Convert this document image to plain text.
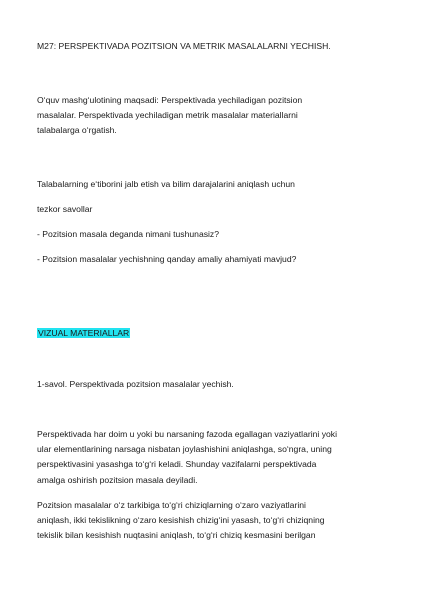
M27: PERSPEKTIVADA POZITSION VA METRIK MASALALARNI YECHISH.
O‘quv mashg‘ulotining maqsadi: Perspektivada yechiladigan pozitsion
masalalar. Perspektivada yechiladigan metrik masalalar materiallarni
talabalarga o‘rgatish.
Talabalarning e‘tiborini jalb etish va bilim darajalarini aniqlash uchun
tezkor savollar
- Pozitsion masala deganda nimani tushunasiz?
- Pozitsion masalalar yechishning qanday amaliy ahamiyati mavjud?
VIZUAL MATERIALLAR
1-savol. Perspektivada pozitsion masalalar yechish.
Perspektivada har doim u yoki bu narsaning fazoda egallagan vaziyatlarini yoki
ular elementlarining narsaga nisbatan joylashishini aniqlashga, so‘ngra, uning
perspektivasini yasashga to‘g‘ri keladi. Shunday vazifalarni perspektivada
amalga oshirish pozitsion masala deyiladi.
Pozitsion masalalar o‘z tarkibiga to‘g‘ri chiziqlarning o‘zaro vaziyatlarini
aniqlash, ikki tekislikning o‘zaro kesishish chizig‘ini yasash, to‘g‘ri chiziqning
tekislik bilan kesishish nuqtasini aniqlash, to‘g‘ri chiziq kesmasini berilgan
